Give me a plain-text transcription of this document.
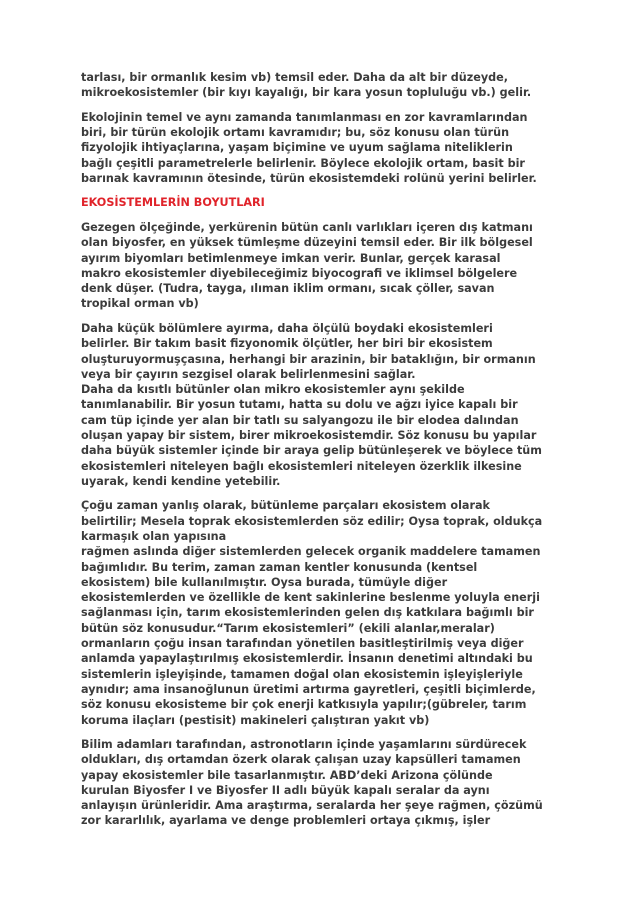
tarlası, bir ormanlık kesim vb) temsil eder. Daha da alt bir düzeyde,
mikroekosistemler (bir kıyı kayalığı, bir kara yosun topluluğu vb.) gelir.
Ekolojinin temel ve aynı zamanda tanımlanması en zor kavramlarından
biri, bir türün ekolojik ortamı kavramıdır; bu, söz konusu olan türün
fizyolojik ihtiyaçlarına, yaşam biçimine ve uyum sağlama niteliklerin
bağlı çeşitli parametrelerle belirlenir. Böylece ekolojik ortam, basit bir
barınak kavramının ötesinde, türün ekosistemdeki rolünü yerini belirler.
EKOSİSTEMLERİN BOYUTLARI
Gezegen ölçeğinde, yerkürenin bütün canlı varlıkları içeren dış katmanı
olan biyosfer, en yüksek tümleşme düzeyini temsil eder. Bir ilk bölgesel
ayırım biyomları betimlenmeye imkan verir. Bunlar, gerçek karasal
makro ekosistemler diyebileceğimiz biyocografi ve iklimsel bölgelere
denk düşer. (Tudra, tayga, ılıman iklim ormanı, sıcak çöller, savan
tropikal orman vb)
Daha küçük bölümlere ayırma, daha ölçülü boydaki ekosistemleri
belirler. Bir takım basit fizyonomik ölçütler, her biri bir ekosistem
oluşturuyormuşçasına, herhangi bir arazinin, bir bataklığın, bir ormanın
veya bir çayırın sezgisel olarak belirlenmesini sağlar.
Daha da kısıtlı bütünler olan mikro ekosistemler aynı şekilde
tanımlanabilir. Bir yosun tutamı, hatta su dolu ve ağzı iyice kapalı bir
cam tüp içinde yer alan bir tatlı su salyangozu ile bir elodea dalından
oluşan yapay bir sistem, birer mikroekosistemdir. Söz konusu bu yapılar
daha büyük sistemler içinde bir araya gelip bütünleşerek ve böylece tüm
ekosistemleri niteleyen bağlı ekosistemleri niteleyen özerklik ilkesine
uyarak, kendi kendine yetebilir.
Çoğu zaman yanlış olarak, bütünleme parçaları ekosistem olarak
belirtilir; Mesela toprak ekosistemlerden söz edilir; Oysa toprak, oldukça
karmaşık olan yapısına
rağmen aslında diğer sistemlerden gelecek organik maddelere tamamen
bağımlıdır. Bu terim, zaman zaman kentler konusunda (kentsel
ekosistem) bile kullanılmıştır. Oysa burada, tümüyle diğer
ekosistemlerden ve özellikle de kent sakinlerine beslenme yoluyla enerji
sağlanması için, tarım ekosistemlerinden gelen dış katkılara bağımlı bir
bütün söz konusudur.“Tarım ekosistemleri” (ekili alanlar,meralar)
ormanların çoğu insan tarafından yönetilen basitleştirilmiş veya diğer
anlamda yapaylaştırılmış ekosistemlerdir. İnsanın denetimi altındaki bu
sistemlerin işleyişinde, tamamen doğal olan ekosistemin işleyişleriyle
aynıdır; ama insanoğlunun üretimi artırma gayretleri, çeşitli biçimlerde,
söz konusu ekosisteme bir çok enerji katkısıyla yapılır;(gübreler, tarım
koruma ilaçları (pestisit) makineleri çalıştıran yakıt vb)
Bilim adamları tarafından, astronotların içinde yaşamlarını sürdürecek
oldukları, dış ortamdan özerk olarak çalışan uzay kapsülleri tamamen
yapay ekosistemler bile tasarlanmıştır. ABD’deki Arizona çölünde
kurulan Biyosfer I ve Biyosfer II adlı büyük kapalı seralar da aynı
anlayışın ürünleridir. Ama araştırma, seralarda her şeye rağmen, çözümü
zor kararlılık, ayarlama ve denge problemleri ortaya çıkmış, işler
